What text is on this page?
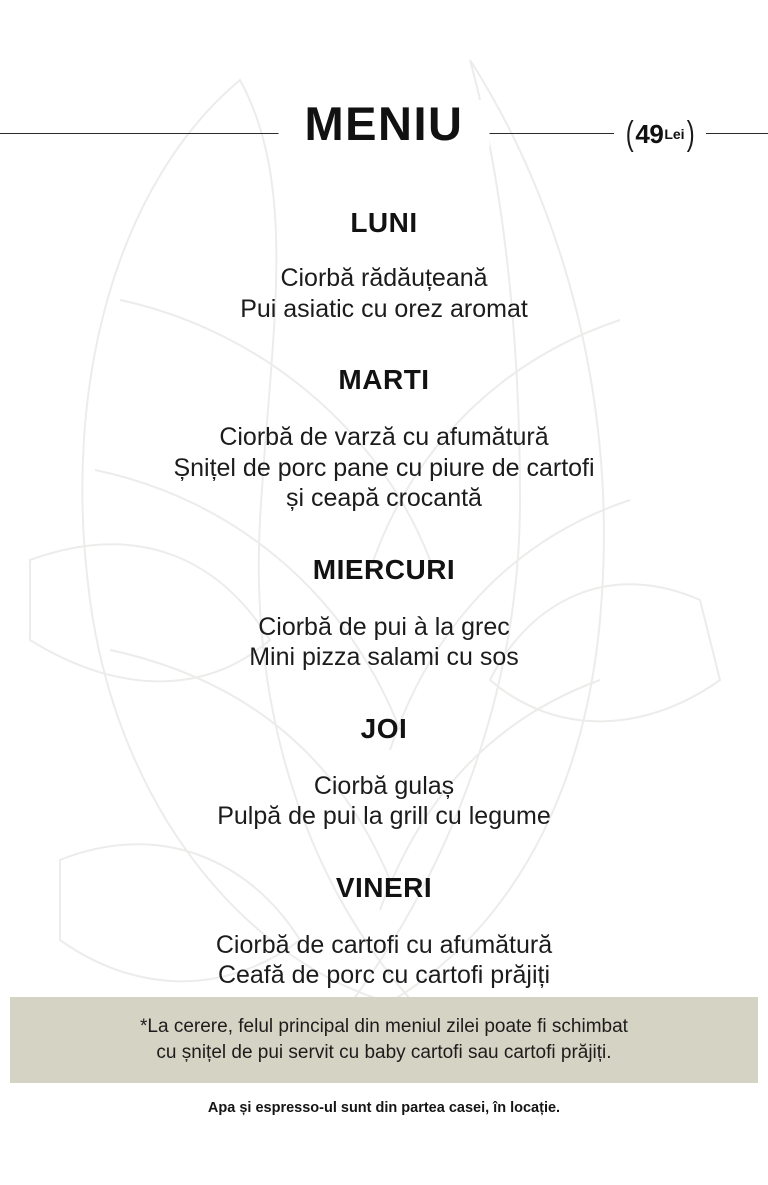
MENIU	( 49 Lei )
LUNI

Ciorbă rădăuțeană

Pui asiatic cu orez aromat

MARTI

Ciorbă de varză cu afumătură

Șnițel de porc pane cu piure de cartofi

și ceapă crocantă

MIERCURI

Ciorbă de pui à la grec

Mini pizza salami cu sos

JOI

Ciorbă gulaș

Pulpă de pui la grill cu legume

VINERI

Ciorbă de cartofi cu afumătură

Ceafă de porc cu cartofi prăjiți

*La cerere, felul principal din meniul zilei poate fi schimbat
cu șnițel de pui servit cu baby cartofi sau cartofi prăjiți.
Apa și espresso-ul sunt din partea casei, în locație.
